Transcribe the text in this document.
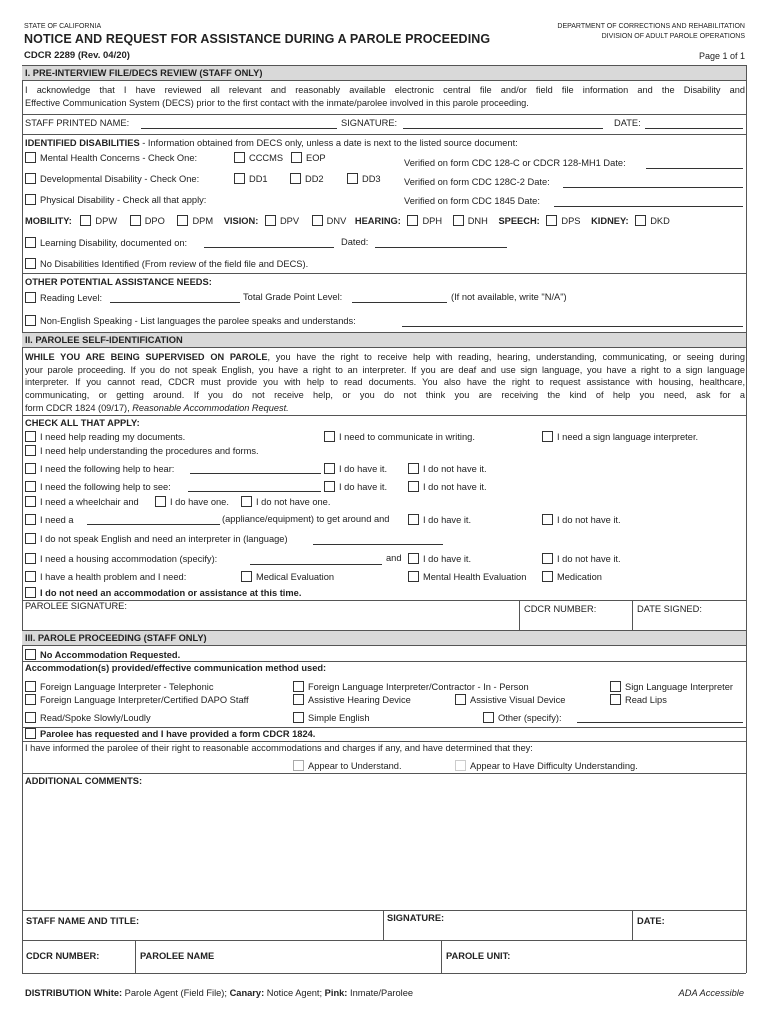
STATE OF CALIFORNIA
NOTICE AND REQUEST FOR ASSISTANCE DURING A PAROLE PROCEEDING
CDCR 2289 (Rev. 04/20)
DEPARTMENT OF CORRECTIONS AND REHABILITATION
DIVISION OF ADULT PAROLE OPERATIONS
Page 1 of 1
I. PRE-INTERVIEW FILE/DECS REVIEW (STAFF ONLY)
I acknowledge that I have reviewed all relevant and reasonably available electronic central file and/or field file information and the Disability and
Effective Communication System (DECS) prior to the first contact with the inmate/parolee involved in this parole proceeding.
STAFF PRINTED NAME:	SIGNATURE:	DATE:
IDENTIFIED DISABILITIES - Information obtained from DECS only, unless a date is next to the listed source document:
Mental Health Concerns - Check One:	CCCMS	EOP	Verified on form CDC 128-C or CDCR 128-MH1 Date:
Developmental Disability - Check One:	DD1	DD2	DD3	Verified on form CDC 128C-2 Date:
Physical Disability - Check all that apply:	Verified on form CDC 1845 Date:
MOBILITY:	DPW	DPO	DPM VISION: DPV	DNV HEARING: DPH	DNH SPEECH: DPS KIDNEY: DKD
Learning Disability, documented on:	Dated:
No Disabilities Identified (From review of the field file and DECS).
OTHER POTENTIAL ASSISTANCE NEEDS:
Reading Level:	Total Grade Point Level:	(If not available, write "N/A")
Non-English Speaking - List languages the parolee speaks and understands:
II. PAROLEE SELF-IDENTIFICATION
WHILE YOU ARE BEING SUPERVISED ON PAROLE, you have the right to receive help with reading, hearing, understanding, communicating, or seeing during
your parole proceeding. If you do not speak English, you have a right to an interpreter. If you are deaf and use sign language, you have a right to a sign language
interpreter. If you cannot read, CDCR must provide you with help to read documents. You also have the right to request assistance with housing, healthcare,
communicating, or getting around. If you do not receive help, or you do not think you are receiving the kind of help you need, ask for a
form CDCR 1824 (09/17), Reasonable Accommodation Request.
CHECK ALL THAT APPLY:
I need help reading my documents.	I need to communicate in writing.	I need a sign language interpreter.
I need help understanding the procedures and forms.
I need the following help to hear:	I do have it.	I do not have it.
I need the following help to see:	I do have it.	I do not have it.
I need a wheelchair and	I do have one.	I do not have one.
I need a	(appliance/equipment) to get around and	I do have it.	I do not have it.
I do not speak English and need an interpreter in (language)
I need a housing accommodation (specify):	and	I do have it.	I do not have it.
I have a health problem and I need:	Medical Evaluation	Mental Health Evaluation	Medication
I do not need an accommodation or assistance at this time.
PAROLEE SIGNATURE:	CDCR NUMBER:	DATE SIGNED:
III. PAROLE PROCEEDING (STAFF ONLY)
No Accommodation Requested.
Accommodation(s) provided/effective communication method used:
Foreign Language Interpreter - Telephonic	Foreign Language Interpreter/Contractor - In - Person	Sign Language Interpreter
Foreign Language Interpreter/Certified DAPO Staff	Assistive Hearing Device	Assistive Visual Device	Read Lips
Read/Spoke Slowly/Loudly	Simple English	Other (specify):
Parolee has requested and I have provided a form CDCR 1824.
I have informed the parolee of their right to reasonable accommodations and charges if any, and have determined that they:
Appear to Understand.	Appear to Have Difficulty Understanding.
ADDITIONAL COMMENTS:
STAFF NAME AND TITLE:	SIGNATURE:	DATE:
CDCR NUMBER:	PAROLEE NAME	PAROLE UNIT:
DISTRIBUTION White: Parole Agent (Field File); Canary: Notice Agent; Pink: Inmate/Parolee	ADA Accessible
